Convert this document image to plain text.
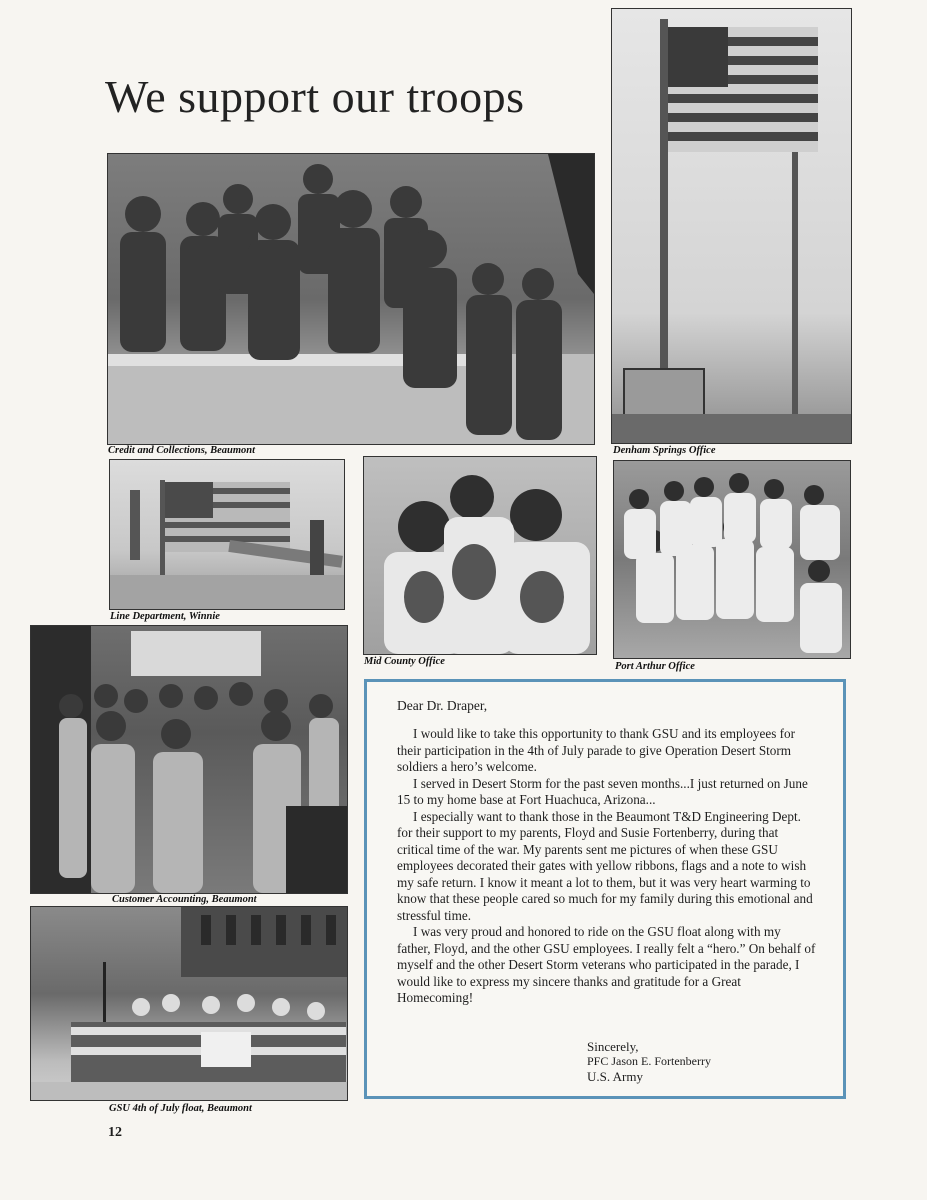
We support our troops
Credit and Collections, Beaumont	Denham Springs Office
Line Department, Winnie
Mid County Office	Port Arthur Office
Customer Accounting, Beaumont
GSU 4th of July float, Beaumont
Dear Dr. Draper,

I would like to take this opportunity to thank GSU and its employees for their participation in the 4th of July parade to give Operation Desert Storm soldiers a hero’s welcome.

I served in Desert Storm for the past seven months...I just returned on June 15 to my home base at Fort Huachuca, Arizona...

I especially want to thank those in the Beaumont T&D Engineering Dept. for their support to my parents, Floyd and Susie Fortenberry, during that critical time of the war. My parents sent me pictures of when these GSU employees decorated their gates with yellow ribbons, flags and a note to wish my safe return. I know it meant a lot to them, but it was very heart warming to know that these people cared so much for my family during this emotional and stressful time.

I was very proud and honored to ride on the GSU float along with my father, Floyd, and the other GSU employees. I really felt a “hero.” On behalf of myself and the other Desert Storm veterans who participated in the parade, I would like to express my sincere thanks and gratitude for a Great Homecoming!

Sincerely,
PFC Jason E. Fortenberry
U.S. Army
12
